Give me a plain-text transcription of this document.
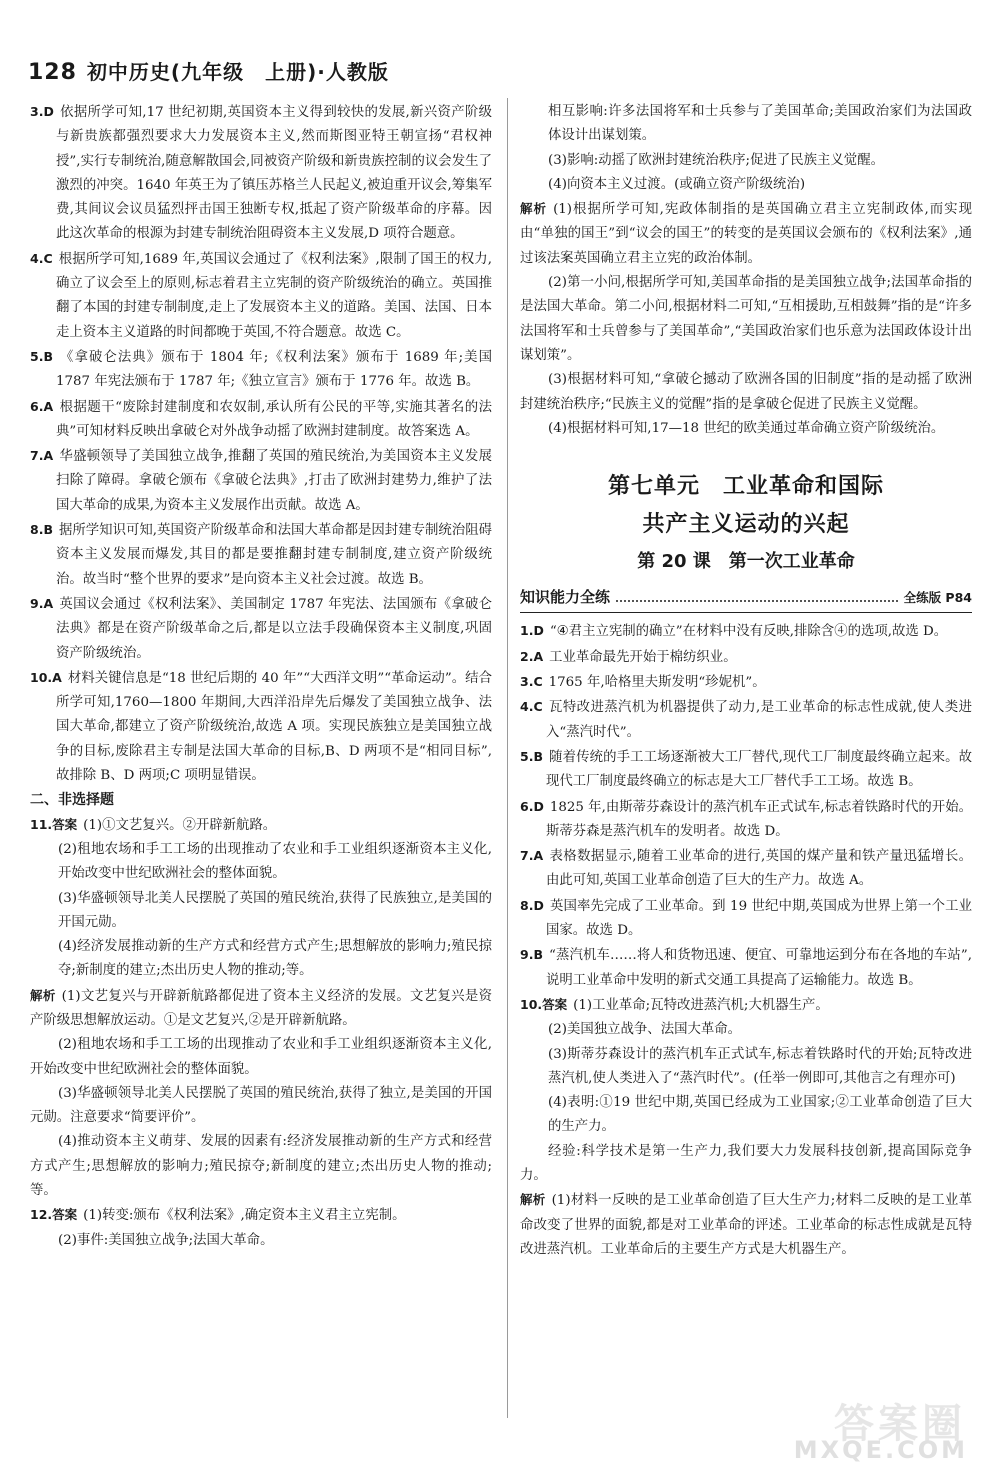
128 初中历史(九年级　上册)·人教版

3.D 依据所学可知,17 世纪初期,英国资本主义得到较快的发展,新兴资产阶级与新贵族都强烈要求大力发展资本主义,然而斯图亚特王朝宣扬“君权神授”,实行专制统治,随意解散国会,同被资产阶级和新贵族控制的议会发生了激烈的冲突。1640 年英王为了镇压苏格兰人民起义,被迫重开议会,筹集军费,其间议会议员猛烈抨击国王独断专权,抵起了资产阶级革命的序幕。因此这次革命的根源为封建专制统治阻碍资本主义发展,D 项符合题意。

4.C 根据所学可知,1689 年,英国议会通过了《权利法案》,限制了国王的权力,确立了议会至上的原则,标志着君主立宪制的资产阶级统治的确立。英国推翻了本国的封建专制制度,走上了发展资本主义的道路。美国、法国、日本走上资本主义道路的时间都晚于英国,不符合题意。故选 C。

5.B 《拿破仑法典》颁布于 1804 年;《权利法案》颁布于 1689 年;美国 1787 年宪法颁布于 1787 年;《独立宣言》颁布于 1776 年。故选 B。

6.A 根据题干“废除封建制度和农奴制,承认所有公民的平等,实施其著名的法典”可知材料反映出拿破仑对外战争动摇了欧洲封建制度。故答案选 A。

7.A 华盛顿领导了美国独立战争,推翻了英国的殖民统治,为美国资本主义发展扫除了障碍。拿破仑颁布《拿破仑法典》,打击了欧洲封建势力,维护了法国大革命的成果,为资本主义发展作出贡献。故选 A。

8.B 据所学知识可知,英国资产阶级革命和法国大革命都是因封建专制统治阻碍资本主义发展而爆发,其目的都是要推翻封建专制制度,建立资产阶级统治。故当时“整个世界的要求”是向资本主义社会过渡。故选 B。

9.A 英国议会通过《权利法案》、美国制定 1787 年宪法、法国颁布《拿破仑法典》都是在资产阶级革命之后,都是以立法手段确保资本主义制度,巩固资产阶级统治。

10.A 材料关键信息是“18 世纪后期的 40 年”“大西洋文明”“革命运动”。结合所学可知,1760—1800 年期间,大西洋沿岸先后爆发了美国独立战争、法国大革命,都建立了资产阶级统治,故选 A 项。实现民族独立是美国独立战争的目标,废除君主专制是法国大革命的目标,B、D 两项不是“相同目标”,故排除 B、D 两项;C 项明显错误。

二、非选择题

11.答案 (1)①文艺复兴。②开辟新航路。

(2)租地农场和手工工场的出现推动了农业和手工业组织逐渐资本主义化,开始改变中世纪欧洲社会的整体面貌。

(3)华盛顿领导北美人民摆脱了英国的殖民统治,获得了民族独立,是美国的开国元勋。

(4)经济发展推动新的生产方式和经营方式产生;思想解放的影响力;殖民掠夺;新制度的建立;杰出历史人物的推动;等。

解析 (1)文艺复兴与开辟新航路都促进了资本主义经济的发展。文艺复兴是资产阶级思想解放运动。①是文艺复兴,②是开辟新航路。

(2)租地农场和手工工场的出现推动了农业和手工业组织逐渐资本主义化,开始改变中世纪欧洲社会的整体面貌。

(3)华盛顿领导北美人民摆脱了英国的殖民统治,获得了独立,是美国的开国元勋。注意要求“简要评价”。

(4)推动资本主义萌芽、发展的因素有:经济发展推动新的生产方式和经营方式产生;思想解放的影响力;殖民掠夺;新制度的建立;杰出历史人物的推动;等。

12.答案 (1)转变:颁布《权利法案》,确定资本主义君主立宪制。

(2)事件:美国独立战争;法国大革命。

相互影响:许多法国将军和士兵参与了美国革命;美国政治家们为法国政体设计出谋划策。

(3)影响:动摇了欧洲封建统治秩序;促进了民族主义觉醒。

(4)向资本主义过渡。(或确立资产阶级统治)

解析 (1)根据所学可知,宪政体制指的是英国确立君主立宪制政体,而实现由“单独的国王”到“议会的国王”的转变的是英国议会颁布的《权利法案》,通过该法案英国确立君主立宪的政治体制。

(2)第一小问,根据所学可知,美国革命指的是美国独立战争;法国革命指的是法国大革命。第二小问,根据材料二可知,“互相援助,互相鼓舞”指的是“许多法国将军和士兵曾参与了美国革命”,“美国政治家们也乐意为法国政体设计出谋划策”。

(3)根据材料可知,“拿破仑撼动了欧洲各国的旧制度”指的是动摇了欧洲封建统治秩序;“民族主义的觉醒”指的是拿破仑促进了民族主义觉醒。

(4)根据材料可知,17—18 世纪的欧美通过革命确立资产阶级统治。

第七单元　工业革命和国际
共产主义运动的兴起
第 20 课　第一次工业革命
知识能力全练	全练版 P84

1.D “④君主立宪制的确立”在材料中没有反映,排除含④的选项,故选 D。

2.A 工业革命最先开始于棉纺织业。

3.C 1765 年,哈格里夫斯发明“珍妮机”。

4.C 瓦特改进蒸汽机为机器提供了动力,是工业革命的标志性成就,使人类进入“蒸汽时代”。

5.B 随着传统的手工工场逐渐被大工厂替代,现代工厂制度最终确立起来。故现代工厂制度最终确立的标志是大工厂替代手工工场。故选 B。

6.D 1825 年,由斯蒂芬森设计的蒸汽机车正式试车,标志着铁路时代的开始。斯蒂芬森是蒸汽机车的发明者。故选 D。

7.A 表格数据显示,随着工业革命的进行,英国的煤产量和铁产量迅猛增长。由此可知,英国工业革命创造了巨大的生产力。故选 A。

8.D 英国率先完成了工业革命。到 19 世纪中期,英国成为世界上第一个工业国家。故选 D。

9.B “蒸汽机车……将人和货物迅速、便宜、可靠地运到分布在各地的车站”,说明工业革命中发明的新式交通工具提高了运输能力。故选 B。

10.答案 (1)工业革命;瓦特改进蒸汽机;大机器生产。

(2)美国独立战争、法国大革命。

(3)斯蒂芬森设计的蒸汽机车正式试车,标志着铁路时代的开始;瓦特改进蒸汽机,使人类进入了“蒸汽时代”。(任举一例即可,其他言之有理亦可)

(4)表明:①19 世纪中期,英国已经成为工业国家;②工业革命创造了巨大的生产力。

经验:科学技术是第一生产力,我们要大力发展科技创新,提高国际竞争力。

解析 (1)材料一反映的是工业革命创造了巨大生产力;材料二反映的是工业革命改变了世界的面貌,都是对工业革命的评述。工业革命的标志性成就是瓦特改进蒸汽机。工业革命后的主要生产方式是大机器生产。

答案圈
MXQE.COM
